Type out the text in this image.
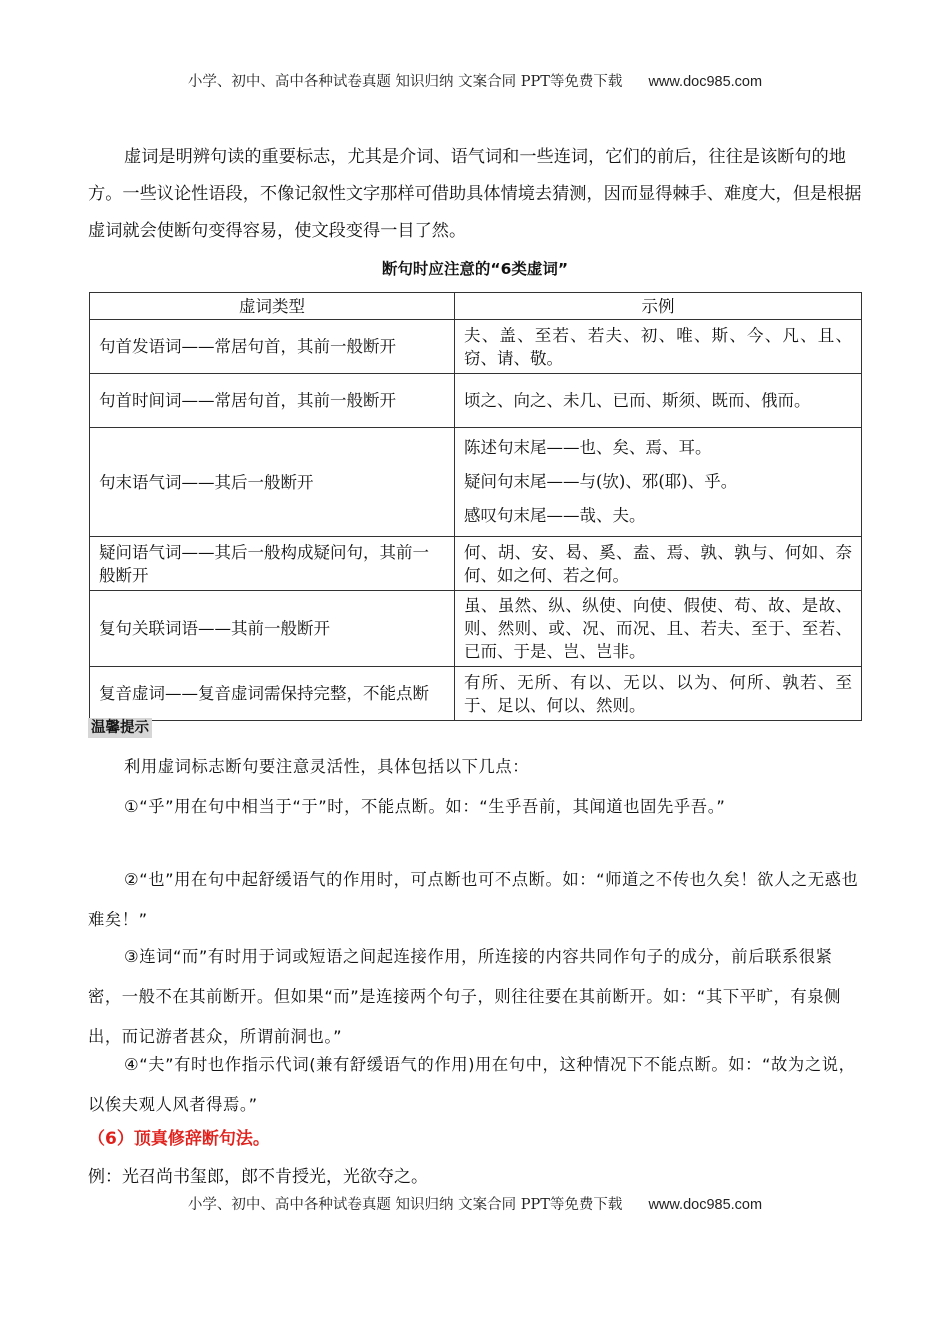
小学、初中、高中各种试卷真题 知识归纳 文案合同 PPT等免费下载 www.doc985.com

虚词是明辨句读的重要标志，尤其是介词、语气词和一些连词，它们的前后，往往是该断句的地方。一些议论性语段，不像记叙性文字那样可借助具体情境去猜测，因而显得棘手、难度大，但是根据虚词就会使断句变得容易，使文段变得一目了然。

断句时应注意的“6类虚词”
虚词类型	示例
句首发语词——常居句首，其前一般断开	夫、盖、至若、若夫、初、唯、斯、今、凡、且、窃、请、敬。
句首时间词——常居句首，其前一般断开	顷之、向之、未几、已而、斯须、既而、俄而。
句末语气词——其后一般断开	陈述句末尾——也、矣、焉、耳。
疑问句末尾——与(欤)、邪(耶)、乎。
感叹句末尾——哉、夫。

疑问语气词——其后一般构成疑问句，其前一般断开	何、胡、安、曷、奚、盍、焉、孰、孰与、何如、奈何、如之何、若之何。
复句关联词语——其前一般断开	虽、虽然、纵、纵使、向使、假使、苟、故、是故、则、然则、或、况、而况、且、若夫、至于、至若、已而、于是、岂、岂非。
复音虚词——复音虚词需保持完整，不能点断	有所、无所、有以、无以、以为、何所、孰若、至于、足以、何以、然则。
温馨提示

利用虚词标志断句要注意灵活性，具体包括以下几点：

①“乎”用在句中相当于“于”时，不能点断。如：“生乎吾前，其闻道也固先乎吾。”

②“也”用在句中起舒缓语气的作用时，可点断也可不点断。如：“师道之不传也久矣！欲人之无惑也难矣！”

③连词“而”有时用于词或短语之间起连接作用，所连接的内容共同作句子的成分，前后联系很紧密，一般不在其前断开。但如果“而”是连接两个句子，则往往要在其前断开。如：“其下平旷，有泉侧出，而记游者甚众，所谓前洞也。”

④“夫”有时也作指示代词(兼有舒缓语气的作用)用在句中，这种情况下不能点断。如：“故为之说，以俟夫观人风者得焉。”

（6）顶真修辞断句法。

例：光召尚书玺郎，郎不肯授光，光欲夺之。

小学、初中、高中各种试卷真题 知识归纳 文案合同 PPT等免费下载 www.doc985.com
